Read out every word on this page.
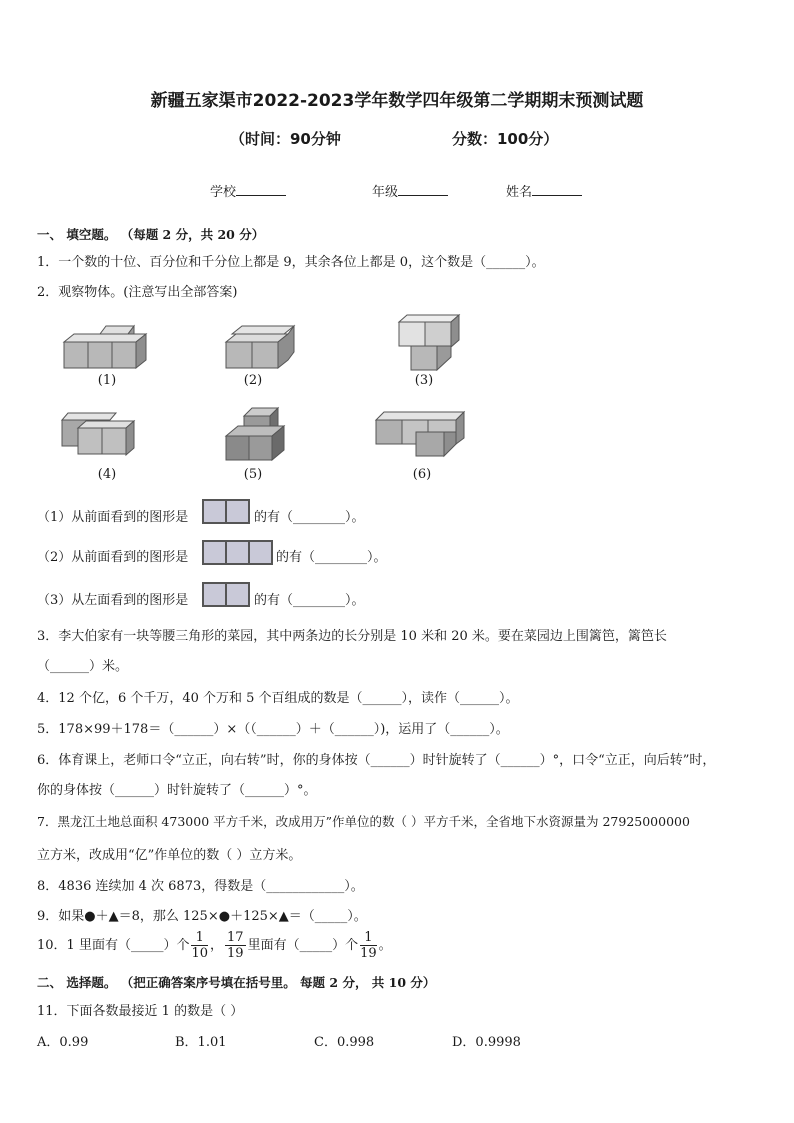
新疆五家渠市2022-2023学年数学四年级第二学期期末预测试题
（时间：90分钟	分数：100分）
学校	年级	姓名
一、 填空题。 （每题 2 分，共 20 分）
1．一个数的十位、百分位和千分位上都是 9，其余各位上都是 0，这个数是（______）。
2．观察物体。(注意写出全部答案)
(1)	(2)	(3)
(4)	(5)	(6)
（1）从前面看到的图形是	的有（________）。
（2）从前面看到的图形是	的有（________）。
（3）从左面看到的图形是	的有（________）。
3．李大伯家有一块等腰三角形的菜园，其中两条边的长分别是 10 米和 20 米。要在菜园边上围篱笆，篱笆长
（______）米。
4．12 个亿，6 个千万，40 个万和 5 个百组成的数是（______），读作（______）。
5．178×99＋178＝（______）×（（______）＋（______）)，运用了（______）。
6．体育课上，老师口令“立正，向右转”时，你的身体按（______）时针旋转了（______）°，口令“立正，向后转”时，
你的身体按（______）时针旋转了（______）°。
7．黑龙江土地总面积 473000 平方千米，改成用万”作单位的数（ ）平方千米，全省地下水资源量为 27925000000
立方米，改成用“亿”作单位的数（ ）立方米。
8．4836 连续加 4 次 6873，得数是（____________）。
9．如果●＋▲＝8，那么 125×●＋125×▲＝（_____）。
10．1 里面有（_____）个 $\frac{1}{10}$ ， $\frac{17}{19}$ 里面有（_____）个 $\frac{1}{19}$ 。
二、 选择题。 （把正确答案序号填在括号里。 每题 2 分， 共 10 分）
11．下面各数最接近 1 的数是（ ）
A．0.99	B．1.01	C．0.998	D．0.9998
